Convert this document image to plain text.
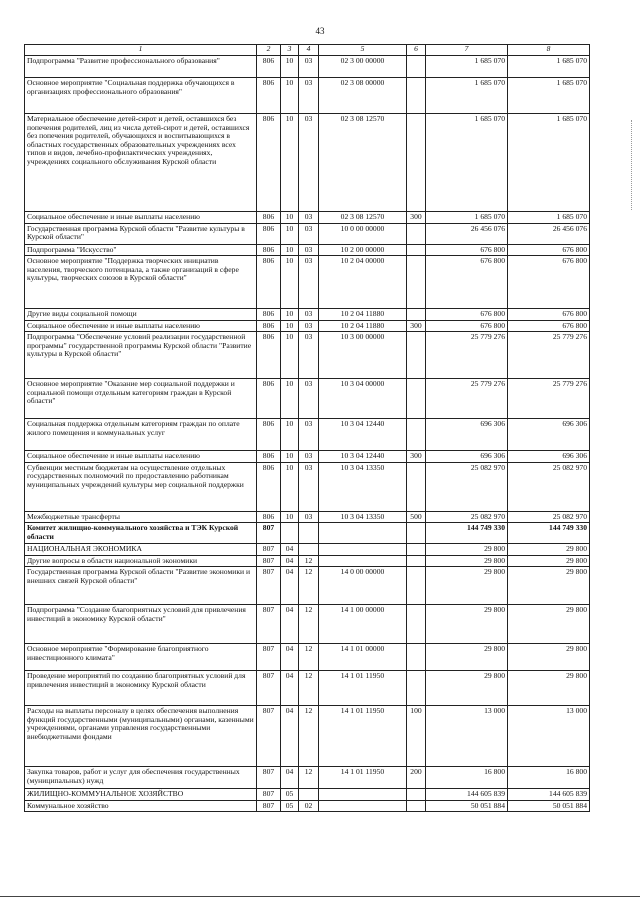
43
1	2	3	4	5	6	7	8
Подпрограмма "Развитие профессионального образования"	806	10	03	02 3 00 00000		1 685 070	1 685 070
Основное мероприятие "Социальная поддержка обучающихся в организациях профессионального образования"	806	10	03	02 3 08 00000		1 685 070	1 685 070
Материальное обеспечение детей-сирот и детей, оставшихся без попечения родителей, лиц из числа детей-сирот и детей, оставшихся без попечения родителей, обучающихся и воспитывающихся в областных государственных образовательных учреждениях всех типов и видов, лечебно-профилактических учреждениях, учреждениях социального обслуживания Курской области	806	10	03	02 3 08 12570		1 685 070	1 685 070
Социальное обеспечение и иные выплаты населению	806	10	03	02 3 08 12570	300	1 685 070	1 685 070
Государственная программа Курской области "Развитие культуры в Курской области"	806	10	03	10 0 00 00000		26 456 076	26 456 076
Подпрограмма "Искусство"	806	10	03	10 2 00 00000		676 800	676 800
Основное мероприятие "Поддержка творческих инициатив населения, творческого потенциала, а также организаций в сфере культуры, творческих союзов в Курской области"	806	10	03	10 2 04 00000		676 800	676 800
Другие виды социальной помощи	806	10	03	10 2 04 11880		676 800	676 800
Социальное обеспечение и иные выплаты населению	806	10	03	10 2 04 11880	300	676 800	676 800
Подпрограмма "Обеспечение условий реализации государственной программы" государственной программы Курской области "Развитие культуры в Курской области"	806	10	03	10 3 00 00000		25 779 276	25 779 276
Основное мероприятие "Оказание мер социальной поддержки и социальной помощи отдельным категориям граждан в Курской области"	806	10	03	10 3 04 00000		25 779 276	25 779 276
Социальная поддержка отдельным категориям граждан по оплате жилого помещения и коммунальных услуг	806	10	03	10 3 04 12440		696 306	696 306
Социальное обеспечение и иные выплаты населению	806	10	03	10 3 04 12440	300	696 306	696 306
Субвенции местным бюджетам на осуществление отдельных государственных полномочий по предоставлению работникам муниципальных учреждений культуры мер социальной поддержки	806	10	03	10 3 04 13350		25 082 970	25 082 970
Межбюджетные трансферты	806	10	03	10 3 04 13350	500	25 082 970	25 082 970
Комитет жилищно-коммунального хозяйства и ТЭК Курской области	807					144 749 330	144 749 330
НАЦИОНАЛЬНАЯ ЭКОНОМИКА	807	04				29 800	29 800
Другие вопросы в области национальной экономики	807	04	12			29 800	29 800
Государственная программа Курской области "Развитие экономики и внешних связей Курской области"	807	04	12	14 0 00 00000		29 800	29 800
Подпрограмма "Создание благоприятных условий для привлечения инвестиций в экономику Курской области"	807	04	12	14 1 00 00000		29 800	29 800
Основное мероприятие "Формирование благоприятного инвестиционного климата"	807	04	12	14 1 01 00000		29 800	29 800
Проведение мероприятий по созданию благоприятных условий для привлечения инвестиций в экономику Курской области	807	04	12	14 1 01 11950		29 800	29 800
Расходы на выплаты персоналу в целях обеспечения выполнения функций государственными (муниципальными) органами, казенными учреждениями, органами управления государственными внебюджетными фондами	807	04	12	14 1 01 11950	100	13 000	13 000
Закупка товаров, работ и услуг для обеспечения государственных (муниципальных) нужд	807	04	12	14 1 01 11950	200	16 800	16 800
ЖИЛИЩНО-КОММУНАЛЬНОЕ ХОЗЯЙСТВО	807	05				144 605 839	144 605 839
Коммунальное хозяйство	807	05	02			50 051 884	50 051 884
